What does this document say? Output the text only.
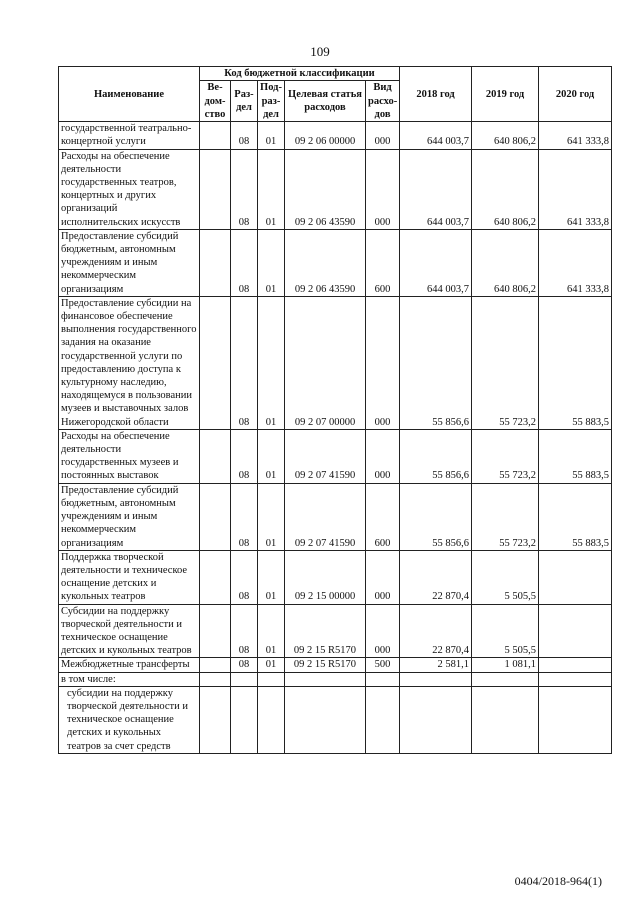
109
Наименование	Код бюджетной классификации					2018 год	2019 год	2020 год
	Ве-дом-ство	Раз-дел	Под-раз-дел	Целевая статья расходов	Вид расхо-дов			
государственной театрально-концертной услуги		08	01	09 2 06 00000	000	644 003,7	640 806,2	641 333,8
Расходы на обеспечение деятельности государственных театров, концертных и других организаций исполнительских искусств		08	01	09 2 06 43590	000	644 003,7	640 806,2	641 333,8
Предоставление субсидий бюджетным, автономным учреждениям и иным некоммерческим организациям		08	01	09 2 06 43590	600	644 003,7	640 806,2	641 333,8
Предоставление субсидии на финансовое обеспечение выполнения государственного задания на оказание государственной услуги по предоставлению доступа к культурному наследию, находящемуся в пользовании музеев и выставочных залов Нижегородской области		08	01	09 2 07 00000	000	55 856,6	55 723,2	55 883,5
Расходы на обеспечение деятельности государственных музеев и постоянных выставок		08	01	09 2 07 41590	000	55 856,6	55 723,2	55 883,5
Предоставление субсидий бюджетным, автономным учреждениям и иным некоммерческим организациям		08	01	09 2 07 41590	600	55 856,6	55 723,2	55 883,5
Поддержка творческой деятельности и техническое оснащение детских и кукольных театров		08	01	09 2 15 00000	000	22 870,4	5 505,5	
Субсидии на поддержку творческой деятельности и техническое оснащение детских и кукольных театров		08	01	09 2 15 R5170	000	22 870,4	5 505,5	
Межбюджетные трансферты		08	01	09 2 15 R5170	500	2 581,1	1 081,1	
в том числе:								
субсидии на поддержку творческой деятельности и техническое оснащение детских и кукольных театров за счет средств								
0404/2018-964(1)
